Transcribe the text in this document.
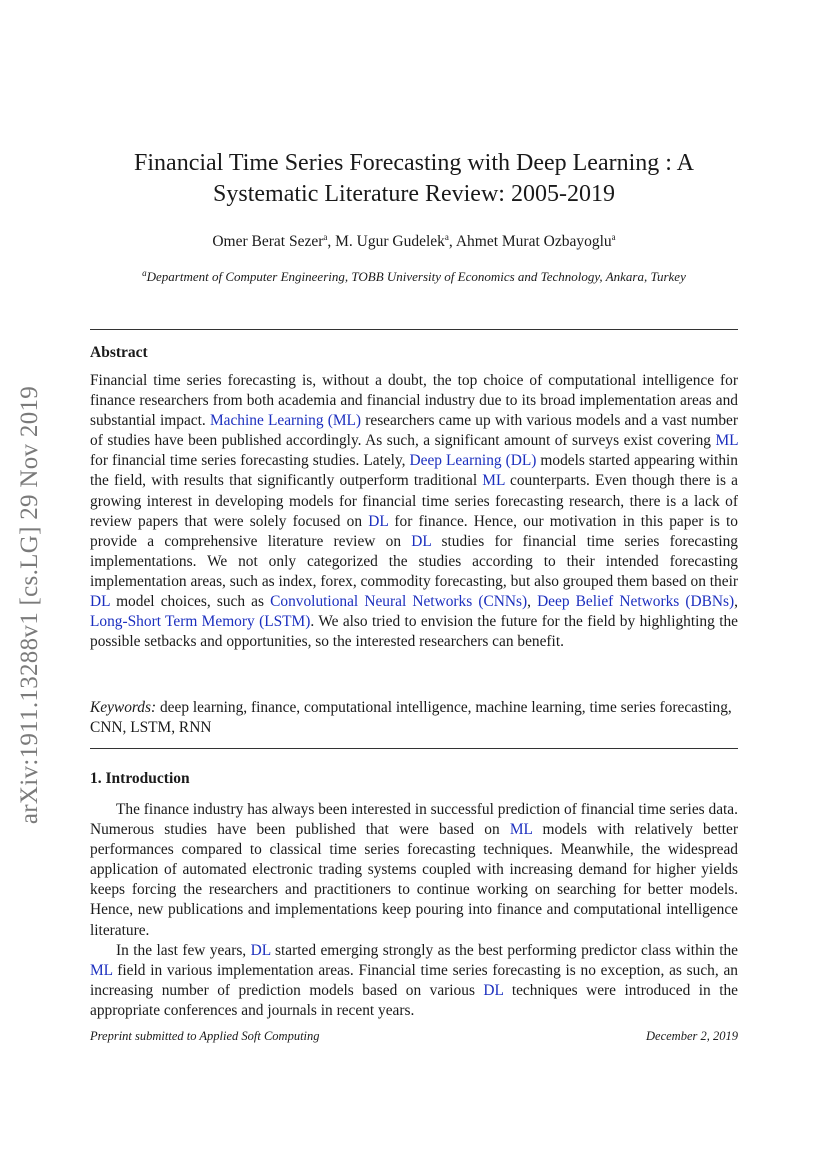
arXiv:1911.13288v1 [cs.LG] 29 Nov 2019
Financial Time Series Forecasting with Deep Learning : A
Systematic Literature Review: 2005-2019
Omer Berat Sezer$^a$, M. Ugur Gudelek$^a$, Ahmet Murat Ozbayoglu$^a$
$^a$Department of Computer Engineering, TOBB University of Economics and Technology, Ankara, Turkey
Abstract

Financial time series forecasting is, without a doubt, the top choice of computational intelligence for finance researchers from both academia and financial industry due to its broad implementation areas and substantial impact. Machine Learning (ML) researchers came up with various models and a vast number of studies have been published accordingly. As such, a significant amount of surveys exist covering ML for financial time series forecasting studies. Lately, Deep Learning (DL) models started appearing within the field, with results that significantly outperform traditional ML counterparts. Even though there is a growing interest in developing models for financial time series forecasting research, there is a lack of review papers that were solely focused on DL for finance. Hence, our motivation in this paper is to provide a comprehensive literature review on DL studies for financial time series forecasting implementations. We not only categorized the studies according to their intended forecasting implementation areas, such as index, forex, commodity forecasting, but also grouped them based on their DL model choices, such as Convolutional Neural Networks (CNNs), Deep Belief Networks (DBNs), Long-Short Term Memory (LSTM). We also tried to envision the future for the field by highlighting the possible setbacks and opportunities, so the interested researchers can benefit.

Keywords: deep learning, finance, computational intelligence, machine learning, time series forecasting, CNN, LSTM, RNN

1. Introduction

The finance industry has always been interested in successful prediction of financial time series data. Numerous studies have been published that were based on ML models with relatively better performances compared to classical time series forecasting techniques. Meanwhile, the widespread application of automated electronic trading systems coupled with increasing demand for higher yields keeps forcing the researchers and practitioners to continue working on searching for better models. Hence, new publications and implementations keep pouring into finance and computational intelligence literature.

In the last few years, DL started emerging strongly as the best performing predictor class within the ML field in various implementation areas. Financial time series forecasting is no exception, as such, an increasing number of prediction models based on various DL techniques were introduced in the appropriate conferences and journals in recent years.

Preprint submitted to Applied Soft Computing	December 2, 2019
